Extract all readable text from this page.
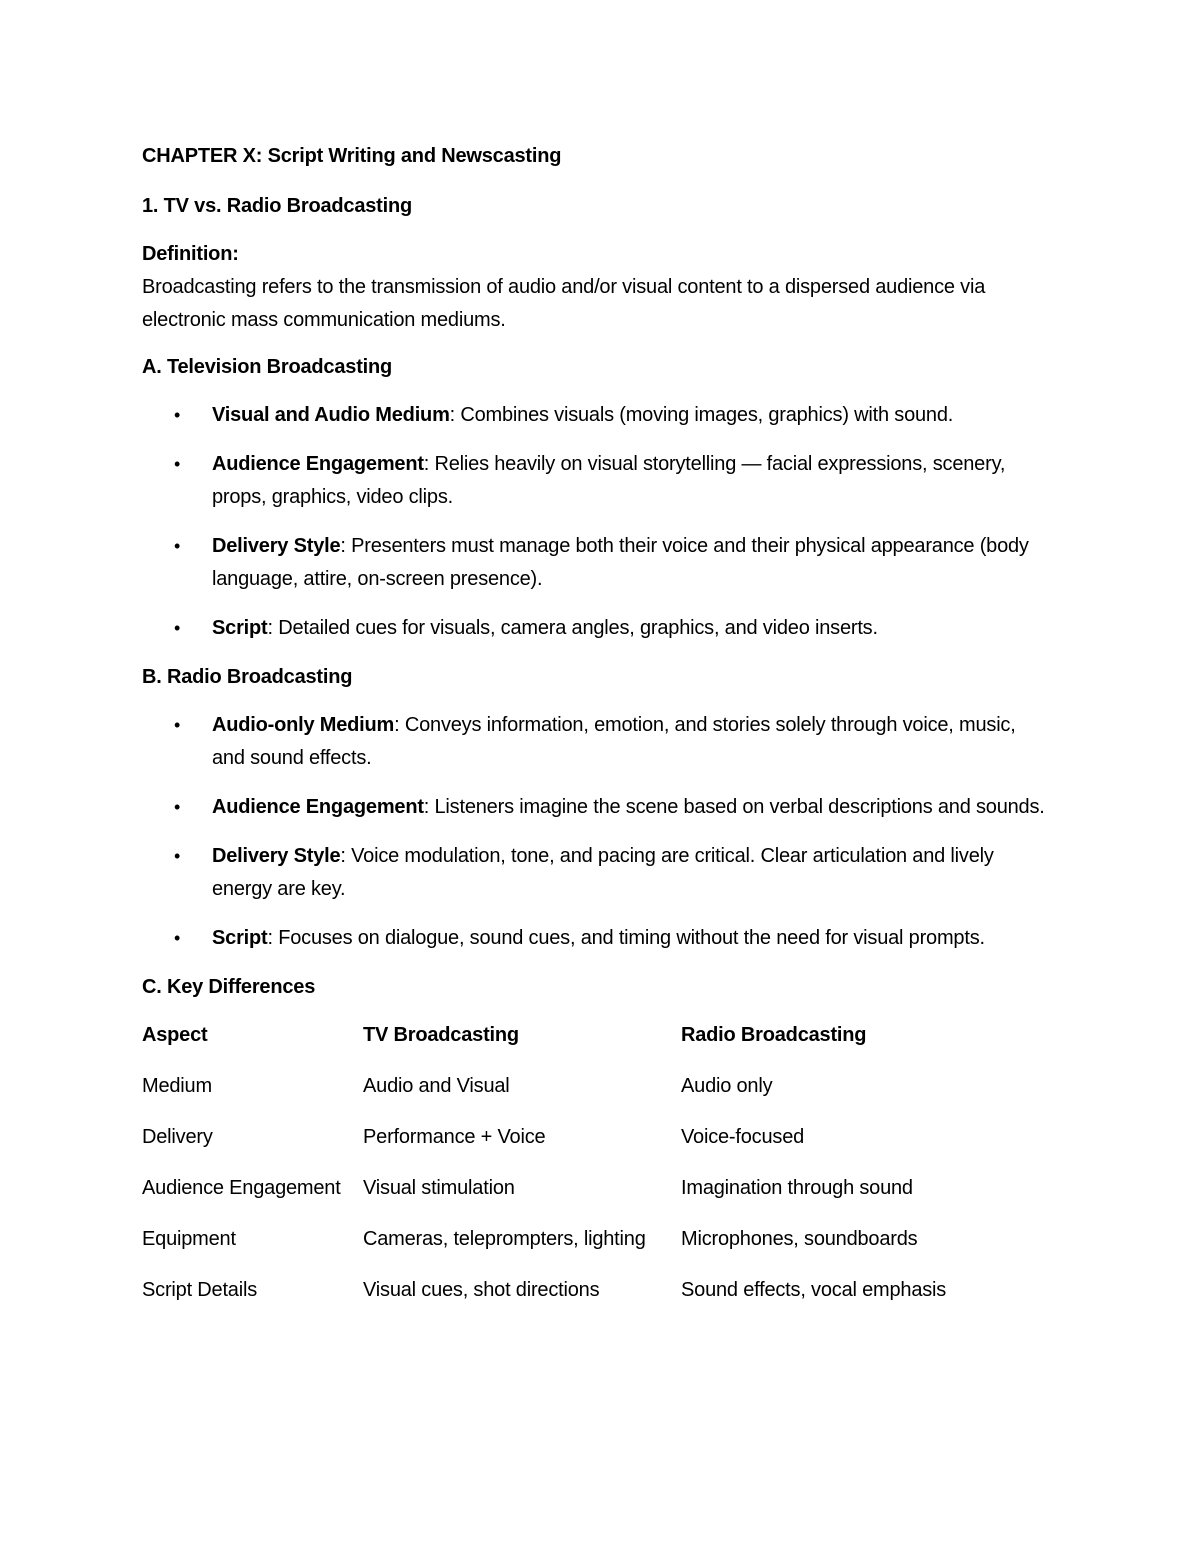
CHAPTER X: Script Writing and Newscasting

1. TV vs. Radio Broadcasting

Definition:

Broadcasting refers to the transmission of audio and/or visual content to a dispersed audience via electronic mass communication mediums.

A. Television Broadcasting

• Visual and Audio Medium: Combines visuals (moving images, graphics) with sound.
• Audience Engagement: Relies heavily on visual storytelling — facial expressions, scenery, props, graphics, video clips.
• Delivery Style: Presenters must manage both their voice and their physical appearance (body language, attire, on-screen presence).
• Script: Detailed cues for visuals, camera angles, graphics, and video inserts.

B. Radio Broadcasting

• Audio-only Medium: Conveys information, emotion, and stories solely through voice, music, and sound effects.
• Audience Engagement: Listeners imagine the scene based on verbal descriptions and sounds.
• Delivery Style: Voice modulation, tone, and pacing are critical. Clear articulation and lively energy are key.
• Script: Focuses on dialogue, sound cues, and timing without the need for visual prompts.

C. Key Differences

Aspect	TV Broadcasting	Radio Broadcasting
Medium	Audio and Visual	Audio only
Delivery	Performance + Voice	Voice-focused
Audience Engagement	Visual stimulation	Imagination through sound
Equipment	Cameras, teleprompters, lighting	Microphones, soundboards
Script Details	Visual cues, shot directions	Sound effects, vocal emphasis
